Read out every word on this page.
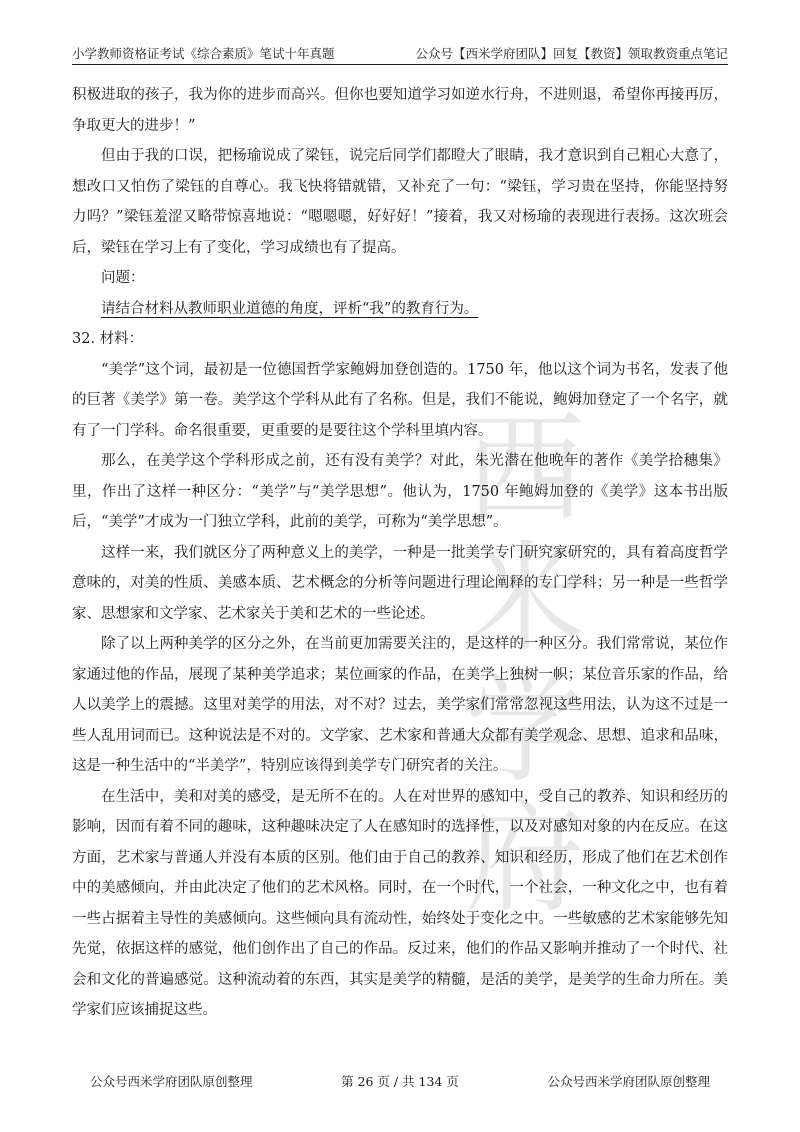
小学教师资格证考试《综合素质》笔试十年真题	公众号【西米学府团队】回复【教资】领取教资重点笔记
西米
学府

积极进取的孩子，我为你的进步而高兴。但你也要知道学习如逆水行舟，不进则退，希望你再接再厉，争取更大的进步！”

但由于我的口误，把杨瑜说成了梁钰，说完后同学们都瞪大了眼睛，我才意识到自己粗心大意了，想改口又怕伤了梁钰的自尊心。我飞快将错就错，又补充了一句：“梁钰，学习贵在坚持，你能坚持努力吗？”梁钰羞涩又略带惊喜地说：“嗯嗯嗯，好好好！”接着，我又对杨瑜的表现进行表扬。这次班会后，梁钰在学习上有了变化，学习成绩也有了提高。

问题：

请结合材料从教师职业道德的角度，评析“我”的教育行为。

32. 材料：

“美学”这个词，最初是一位德国哲学家鲍姆加登创造的。1750 年，他以这个词为书名，发表了他的巨著《美学》第一卷。美学这个学科从此有了名称。但是，我们不能说，鲍姆加登定了一个名字，就有了一门学科。命名很重要，更重要的是要往这个学科里填内容。

那么，在美学这个学科形成之前，还有没有美学？对此，朱光潜在他晚年的著作《美学拾穗集》里，作出了这样一种区分：“美学”与“美学思想”。他认为，1750 年鲍姆加登的《美学》这本书出版后，“美学”才成为一门独立学科，此前的美学，可称为“美学思想”。

这样一来，我们就区分了两种意义上的美学，一种是一批美学专门研究家研究的，具有着高度哲学意味的，对美的性质、美感本质、艺术概念的分析等问题进行理论阐释的专门学科；另一种是一些哲学家、思想家和文学家、艺术家关于美和艺术的一些论述。

除了以上两种美学的区分之外，在当前更加需要关注的，是这样的一种区分。我们常常说，某位作家通过他的作品，展现了某种美学追求；某位画家的作品，在美学上独树一帜；某位音乐家的作品，给人以美学上的震撼。这里对美学的用法，对不对？过去，美学家们常常忽视这些用法，认为这不过是一些人乱用词而已。这种说法是不对的。文学家、艺术家和普通大众都有美学观念、思想、追求和品味，这是一种生活中的“半美学”，特别应该得到美学专门研究者的关注。

在生活中，美和对美的感受，是无所不在的。人在对世界的感知中，受自己的教养、知识和经历的影响，因而有着不同的趣味，这种趣味决定了人在感知时的选择性，以及对感知对象的内在反应。在这方面，艺术家与普通人并没有本质的区别。他们由于自己的教养、知识和经历，形成了他们在艺术创作中的美感倾向，并由此决定了他们的艺术风格。同时，在一个时代，一个社会，一种文化之中，也有着一些占据着主导性的美感倾向。这些倾向具有流动性，始终处于变化之中。一些敏感的艺术家能够先知先觉，依据这样的感觉，他们创作出了自己的作品。反过来，他们的作品又影响并推动了一个时代、社会和文化的普遍感觉。这种流动着的东西，其实是美学的精髓，是活的美学，是美学的生命力所在。美学家们应该捕捉这些。

公众号西米学府团队原创整理	第 26 页 / 共 134 页	公众号西米学府团队原创整理
